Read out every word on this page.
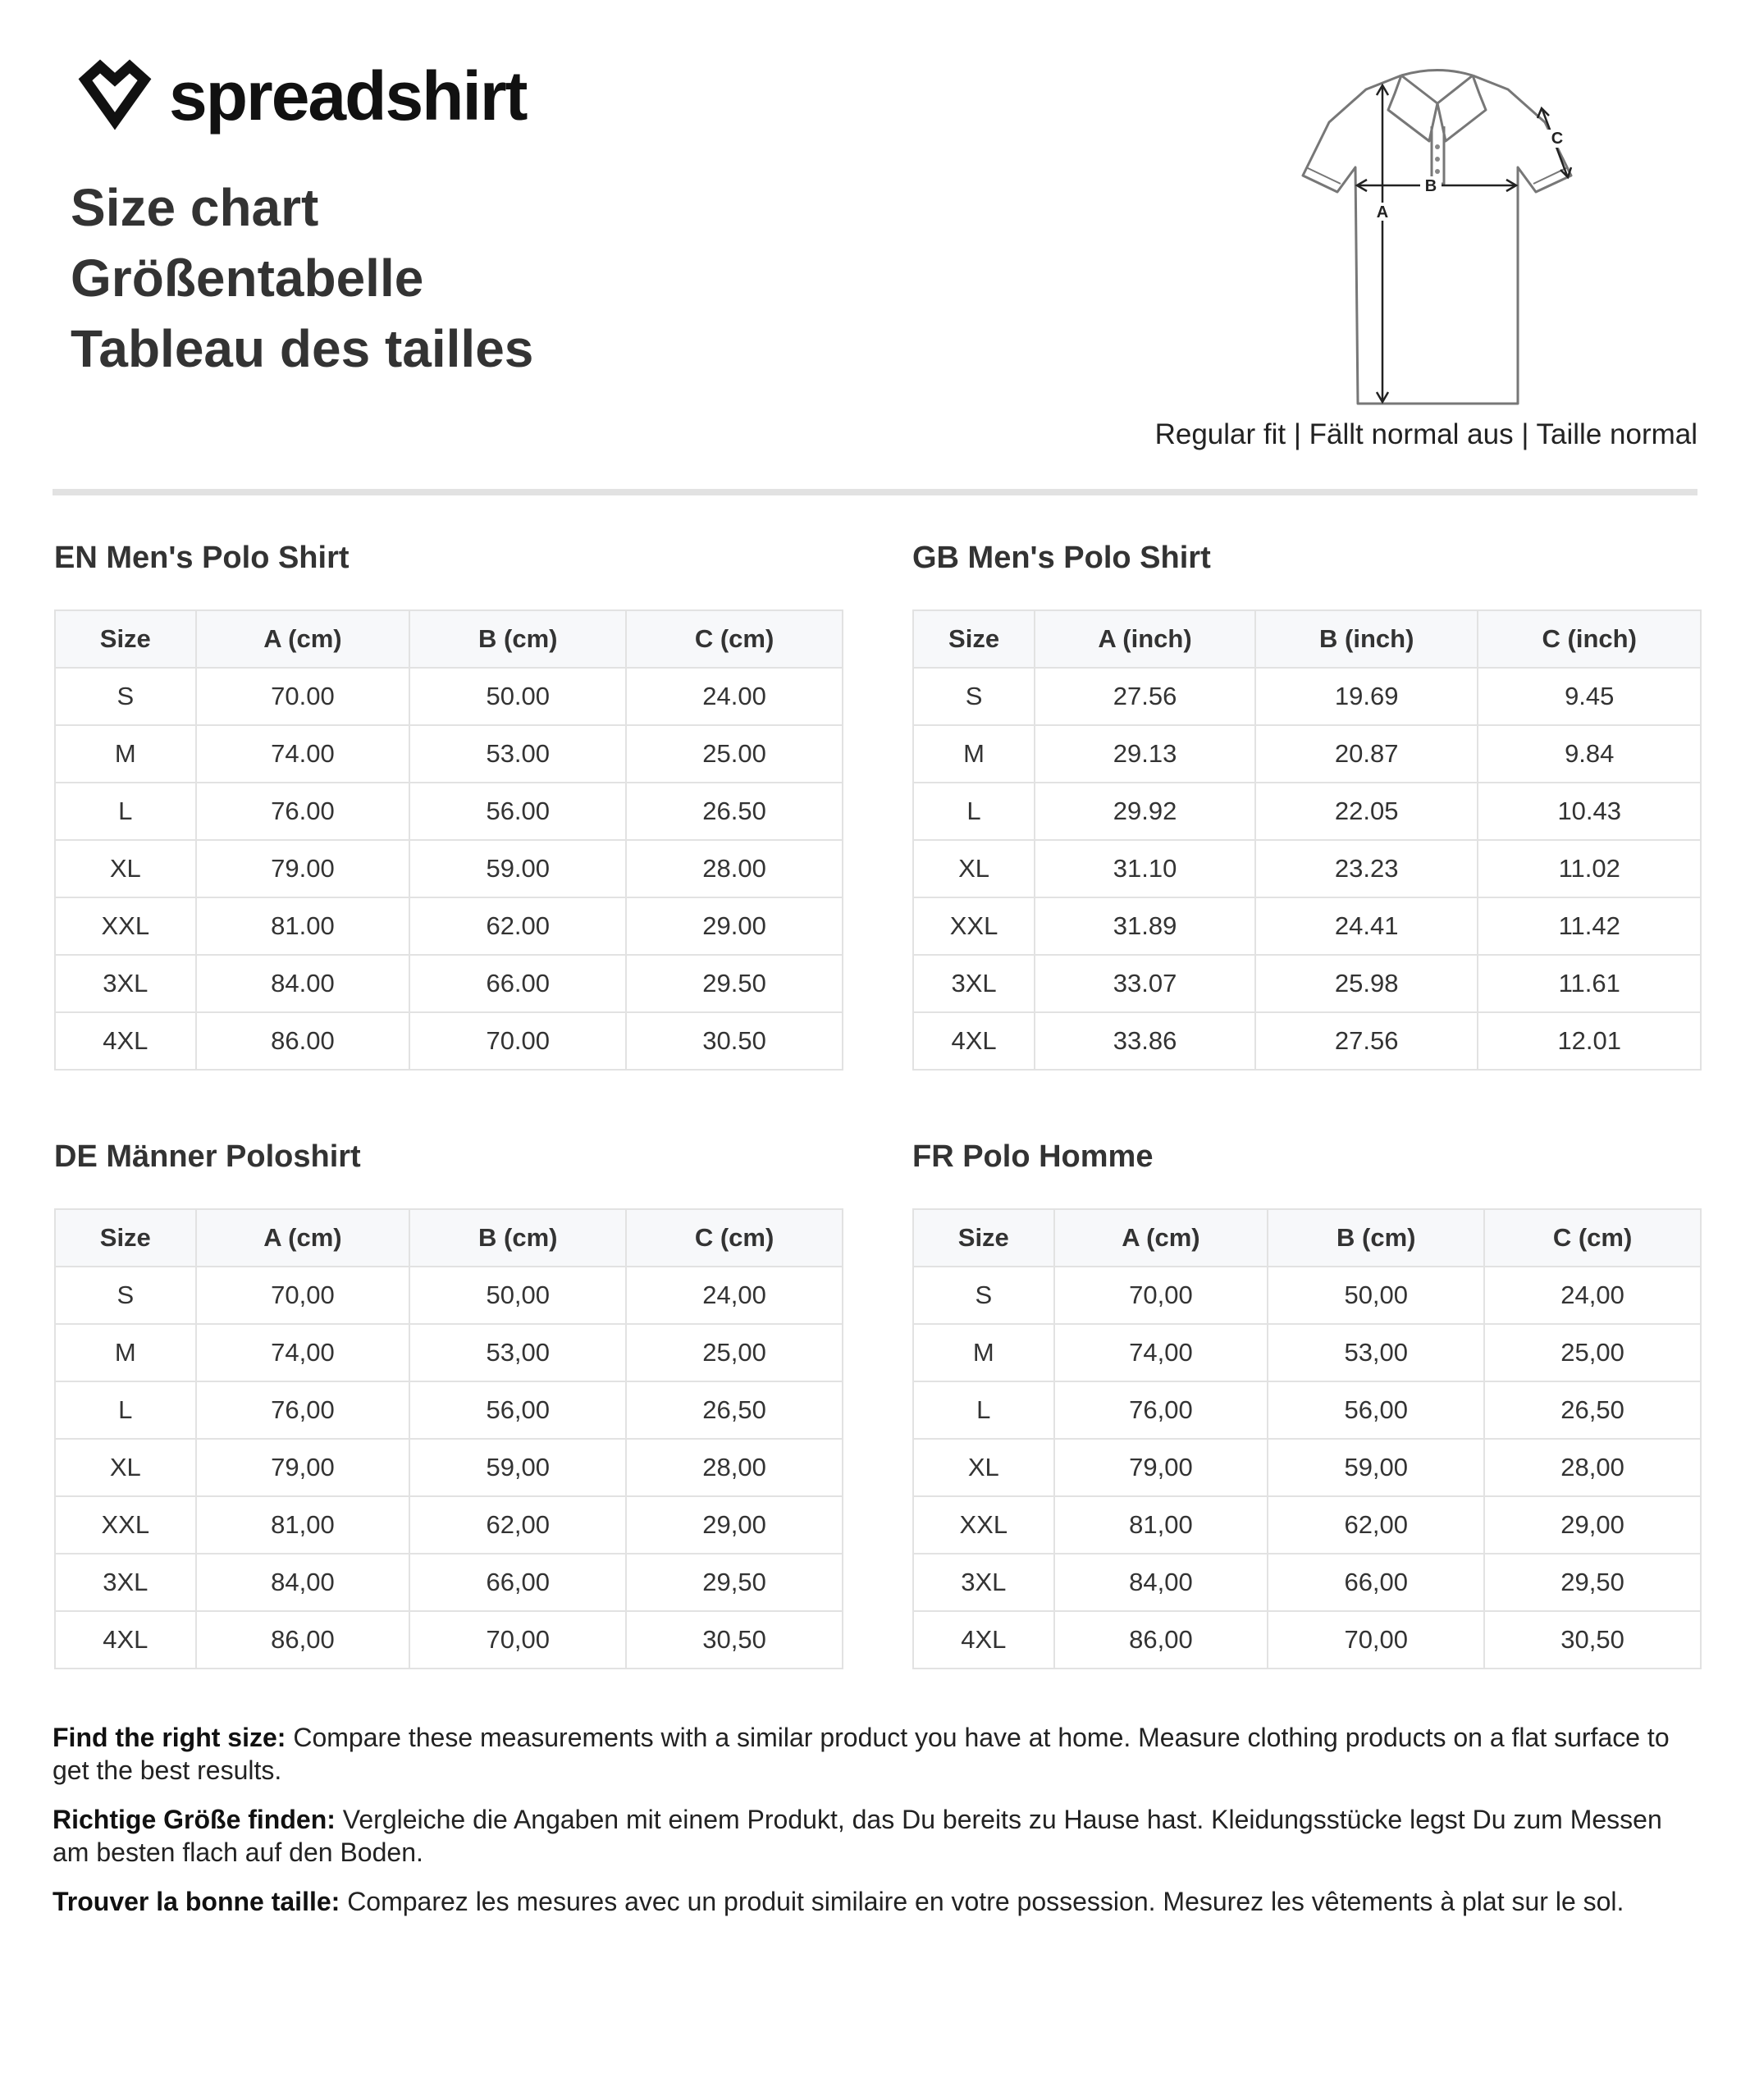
spreadshirt
Size chart
Größentabelle
Tableau des tailles
B
A
C
Regular fit | Fällt normal aus | Taille normal
EN Men's Polo Shirt
Size	A (cm)	B (cm)	C (cm)
S	70.00	50.00	24.00
M	74.00	53.00	25.00
L	76.00	56.00	26.50
XL	79.00	59.00	28.00
XXL	81.00	62.00	29.00
3XL	84.00	66.00	29.50
4XL	86.00	70.00	30.50
GB Men's Polo Shirt
Size	A (inch)	B (inch)	C (inch)
S	27.56	19.69	9.45
M	29.13	20.87	9.84
L	29.92	22.05	10.43
XL	31.10	23.23	11.02
XXL	31.89	24.41	11.42
3XL	33.07	25.98	11.61
4XL	33.86	27.56	12.01
DE Männer Poloshirt
Size	A (cm)	B (cm)	C (cm)
S	70,00	50,00	24,00
M	74,00	53,00	25,00
L	76,00	56,00	26,50
XL	79,00	59,00	28,00
XXL	81,00	62,00	29,00
3XL	84,00	66,00	29,50
4XL	86,00	70,00	30,50
FR Polo Homme
Size	A (cm)	B (cm)	C (cm)
S	70,00	50,00	24,00
M	74,00	53,00	25,00
L	76,00	56,00	26,50
XL	79,00	59,00	28,00
XXL	81,00	62,00	29,00
3XL	84,00	66,00	29,50
4XL	86,00	70,00	30,50

Find the right size: Compare these measurements with a similar product you have at home. Measure clothing products on a flat surface to get the best results.

Richtige Größe finden: Vergleiche die Angaben mit einem Produkt, das Du bereits zu Hause hast. Kleidungsstücke legst Du zum Messen am besten flach auf den Boden.

Trouver la bonne taille: Comparez les mesures avec un produit similaire en votre possession. Mesurez les vêtements à plat sur le sol.
